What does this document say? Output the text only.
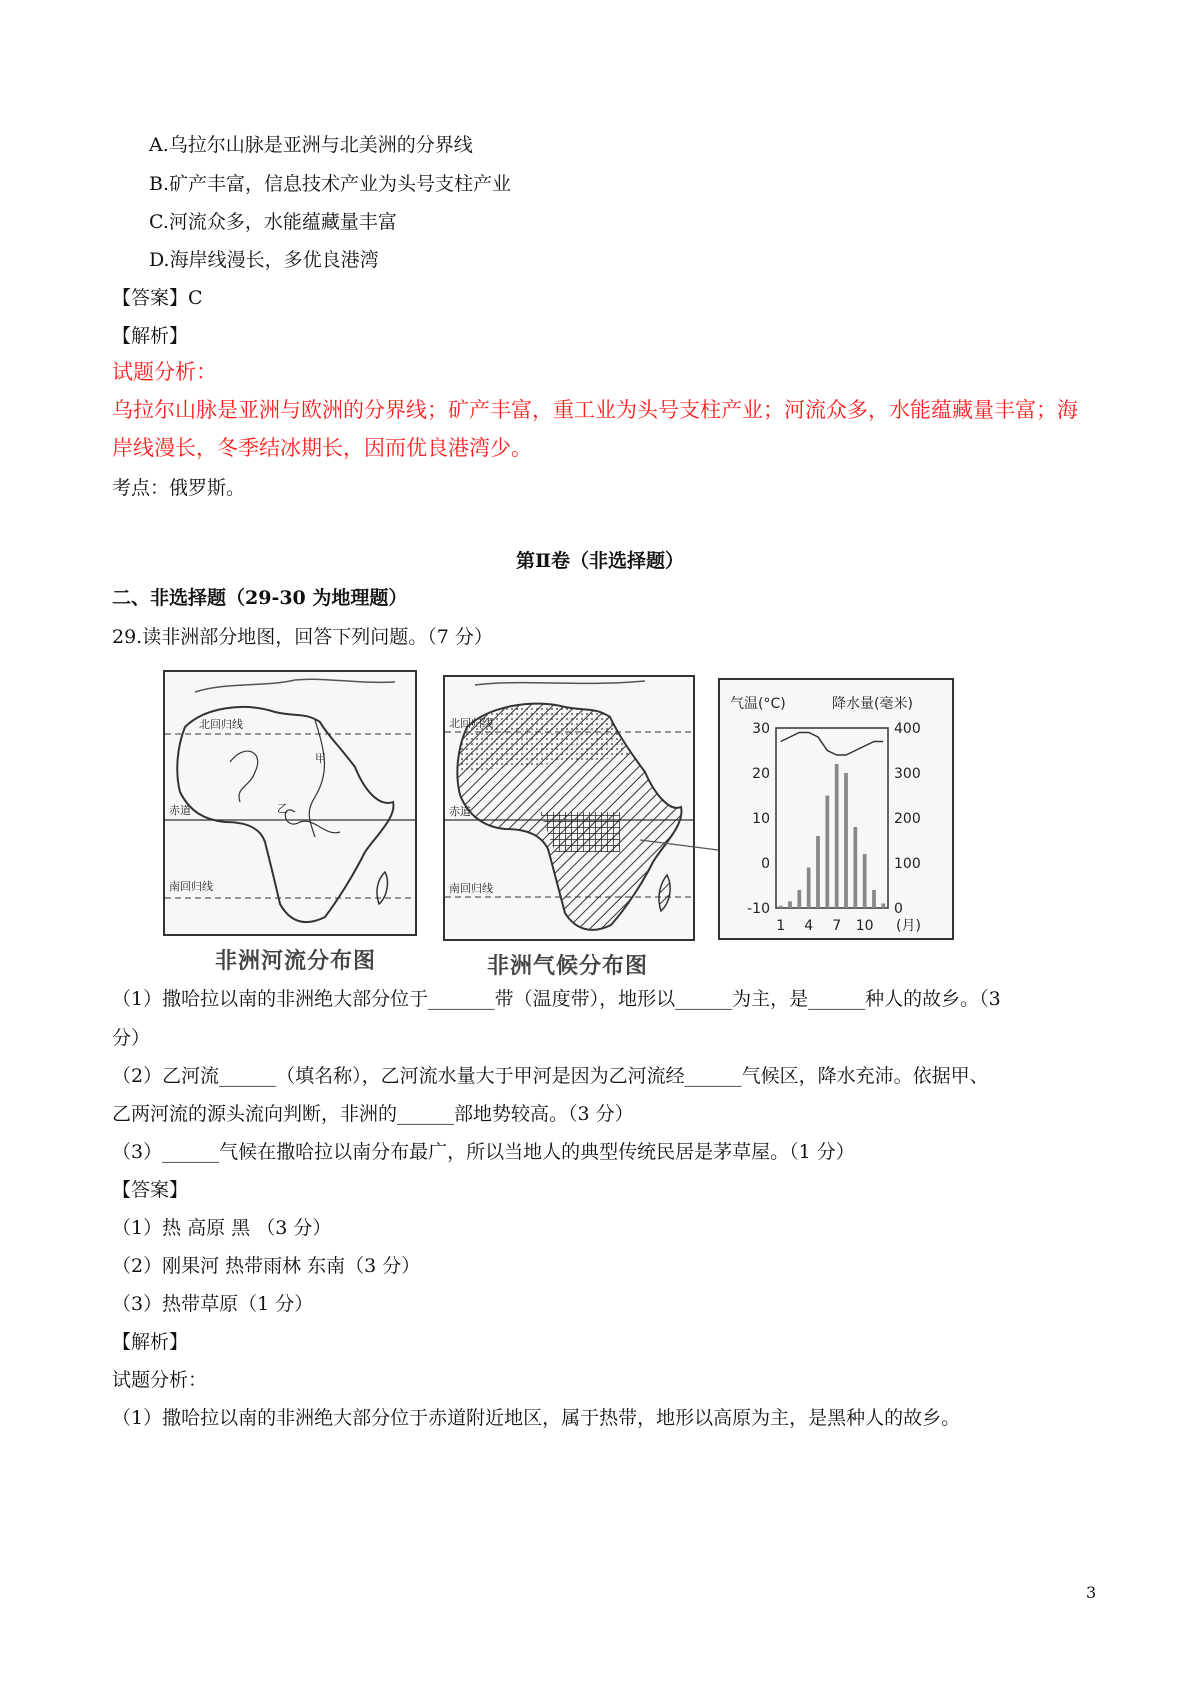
A.乌拉尔山脉是亚洲与北美洲的分界线
B.矿产丰富，信息技术产业为头号支柱产业
C.河流众多，水能蕴藏量丰富
D.海岸线漫长，多优良港湾
【答案】C
【解析】
试题分析：
乌拉尔山脉是亚洲与欧洲的分界线；矿产丰富，重工业为头号支柱产业；河流众多，水能蕴藏量丰富；海
岸线漫长，冬季结冰期长，因而优良港湾少。
考点：俄罗斯。
第Ⅱ卷（非选择题）
二、非选择题（29-30 为地理题）
29.读非洲部分地图，回答下列问题。（7 分）
北回归线
赤道
南回归线
甲
乙
非洲河流分布图
北回归线
赤道
南回归线
非洲气候分布图
气温(°C)	降水量(毫米)
-10
0
10
20
30
0
100
200
300
400
1 4 7 10 (月)
（1）撒哈拉以南的非洲绝大部分位于_______带（温度带），地形以______为主，是______种人的故乡。（3
分）
（2）乙河流______（填名称），乙河流水量大于甲河是因为乙河流经______气候区，降水充沛。依据甲、
乙两河流的源头流向判断，非洲的______部地势较高。（3 分）
（3）______气候在撒哈拉以南分布最广，所以当地人的典型传统民居是茅草屋。（1 分）
【答案】
（1）热 高原 黑 （3 分）
（2）刚果河 热带雨林 东南（3 分）
（3）热带草原（1 分）
【解析】
试题分析：
（1）撒哈拉以南的非洲绝大部分位于赤道附近地区，属于热带，地形以高原为主，是黑种人的故乡。
3
